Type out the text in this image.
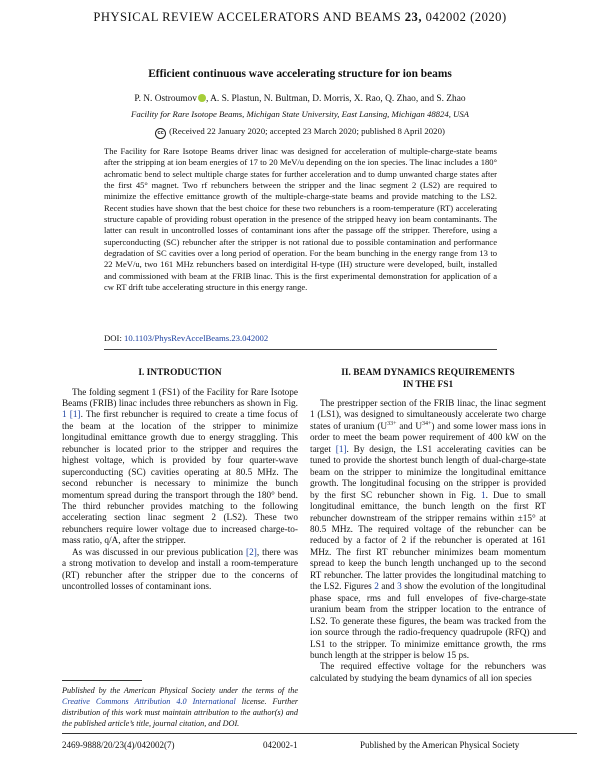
PHYSICAL REVIEW ACCELERATORS AND BEAMS 23, 042002 (2020)
Efficient continuous wave accelerating structure for ion beams
P. N. Ostroumov , A. S. Plastun, N. Bultman, D. Morris, X. Rao, Q. Zhao, and S. Zhao
Facility for Rare Isotope Beams, Michigan State University, East Lansing, Michigan 48824, USA
cc (Received 22 January 2020; accepted 23 March 2020; published 8 April 2020)
The Facility for Rare Isotope Beams driver linac was designed for acceleration of multiple-charge-state beams after the stripping at ion beam energies of 17 to 20 MeV/u depending on the ion species. The linac includes a 180° achromatic bend to select multiple charge states for further acceleration and to dump unwanted charge states after the first 45° magnet. Two rf rebunchers between the stripper and the linac segment 2 (LS2) are required to minimize the effective emittance growth of the multiple-charge-state beams and provide matching to the LS2. Recent studies have shown that the best choice for these two rebunchers is a room-temperature (RT) accelerating structure capable of providing robust operation in the presence of the stripped heavy ion beam contaminants. The latter can result in uncontrolled losses of contaminant ions after the passage off the stripper. Therefore, using a superconducting (SC) rebuncher after the stripper is not rational due to possible contamination and performance degradation of SC cavities over a long period of operation. For the beam bunching in the energy range from 13 to 22 MeV/u, two 161 MHz rebunchers based on interdigital H-type (IH) structure were developed, built, installed and commissioned with beam at the FRIB linac. This is the first experimental demonstration for application of a cw RT drift tube accelerating structure in this energy range.
DOI: 10.1103/PhysRevAccelBeams.23.042002
I. INTRODUCTION

The folding segment 1 (FS1) of the Facility for Rare Isotope Beams (FRIB) linac includes three rebunchers as shown in Fig. 1 [1]. The first rebuncher is required to create a time focus of the beam at the location of the stripper to minimize longitudinal emittance growth due to energy straggling. This rebuncher is located prior to the stripper and requires the highest voltage, which is provided by four quarter-wave superconducting (SC) cavities operating at 80.5 MHz. The second rebuncher is necessary to minimize the bunch momentum spread during the transport through the 180° bend. The third rebuncher provides matching to the following accelerating section linac segment 2 (LS2). These two rebunchers require lower voltage due to increased charge-to-mass ratio, q/A, after the stripper.

As was discussed in our previous publication [2], there was a strong motivation to develop and install a room-temperature (RT) rebuncher after the stripper due to the concerns of uncontrolled losses of contaminant ions.

Published by the American Physical Society under the terms of the Creative Commons Attribution 4.0 International license. Further distribution of this work must maintain attribution to the author(s) and the published article’s title, journal citation, and DOI.
II. BEAM DYNAMICS REQUIREMENTS
IN THE FS1

The prestripper section of the FRIB linac, the linac segment 1 (LS1), was designed to simultaneously accelerate two charge states of uranium ($U^{33+}$ and $U^{34+}$) and some lower mass ions in order to meet the beam power requirement of 400 kW on the target [1]. By design, the LS1 accelerating cavities can be tuned to provide the shortest bunch length of dual-charge-state beam on the stripper to minimize the longitudinal emittance growth. The longitudinal focusing on the stripper is provided by the first SC rebuncher shown in Fig. 1. Due to small longitudinal emittance, the bunch length on the first RT rebuncher downstream of the stripper remains within ±15° at 80.5 MHz. The required voltage of the rebuncher can be reduced by a factor of 2 if the rebuncher is operated at 161 MHz. The first RT rebuncher minimizes beam momentum spread to keep the bunch length unchanged up to the second RT rebuncher. The latter provides the longitudinal matching to the LS2. Figures 2 and 3 show the evolution of the longitudinal phase space, rms and full envelopes of five-charge-state uranium beam from the stripper location to the entrance of LS2. To generate these figures, the beam was tracked from the ion source through the radio-frequency quadrupole (RFQ) and LS1 to the stripper. To minimize emittance growth, the rms bunch length at the stripper is below 15 ps.

The required effective voltage for the rebunchers was calculated by studying the beam dynamics of all ion species

2469-9888/20/23(4)/042002(7)	042002-1	Published by the American Physical Society
